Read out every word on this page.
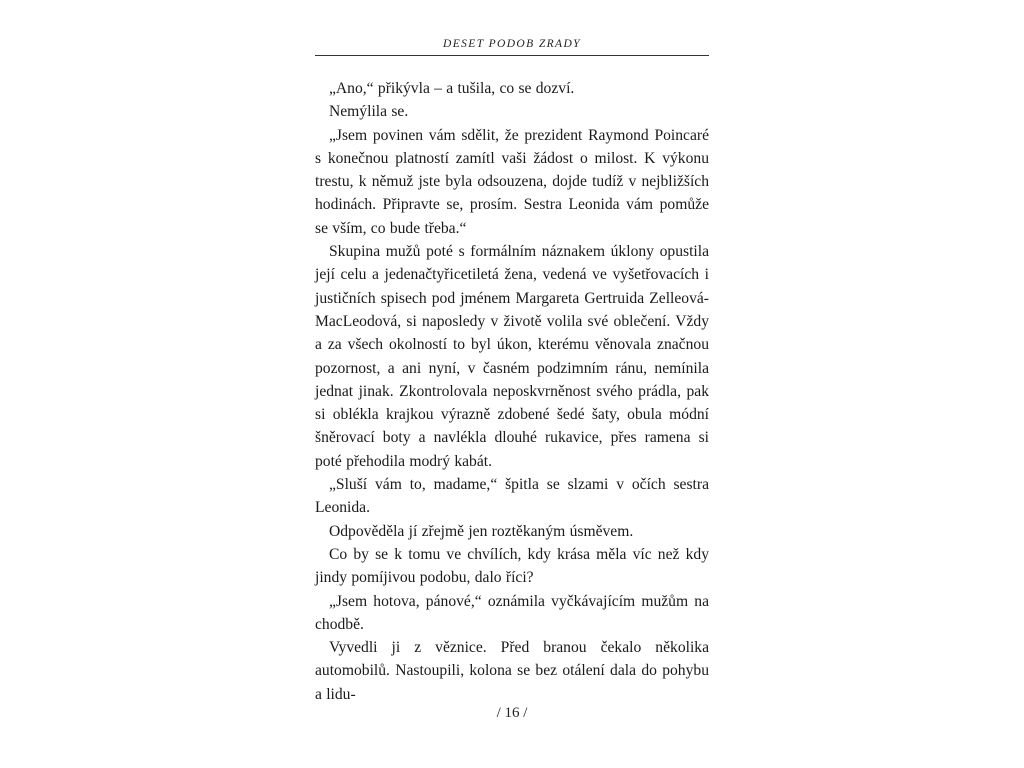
DESET PODOB ZRADY

„Ano,“ přikývla – a tušila, co se dozví.

Nemýlila se.

„Jsem povinen vám sdělit, že prezident Raymond Poincaré s konečnou platností zamítl vaši žádost o milost. K výkonu trestu, k němuž jste byla odsouzena, dojde tudíž v nejbližších hodinách. Připravte se, prosím. Sestra Leonida vám pomůže se vším, co bude třeba.“

Skupina mužů poté s formálním náznakem úklony opustila její celu a jedenačtyřicetiletá žena, vedená ve vyšetřovacích i justičních spisech pod jménem Margareta Gertruida Zelleová-MacLeodová, si naposledy v životě volila své oblečení. Vždy a za všech okolností to byl úkon, kterému věnovala značnou pozornost, a ani nyní, v časném podzimním ránu, nemínila jednat jinak. Zkontrolovala neposkvrněnost svého prádla, pak si oblékla krajkou výrazně zdobené šedé šaty, obula módní šněrovací boty a navlékla dlouhé rukavice, přes ramena si poté přehodila modrý kabát.

„Sluší vám to, madame,“ špitla se slzami v očích sestra Leonida.

Odpověděla jí zřejmě jen roztěkaným úsměvem.

Co by se k tomu ve chvílích, kdy krása měla víc než kdy jindy pomíjivou podobu, dalo říci?

„Jsem hotova, pánové,“ oznámila vyčkávajícím mužům na chodbě.

Vyvedli ji z věznice. Před branou čekalo několika automobilů. Nastoupili, kolona se bez otálení dala do pohybu a lidu-

/ 16 /
